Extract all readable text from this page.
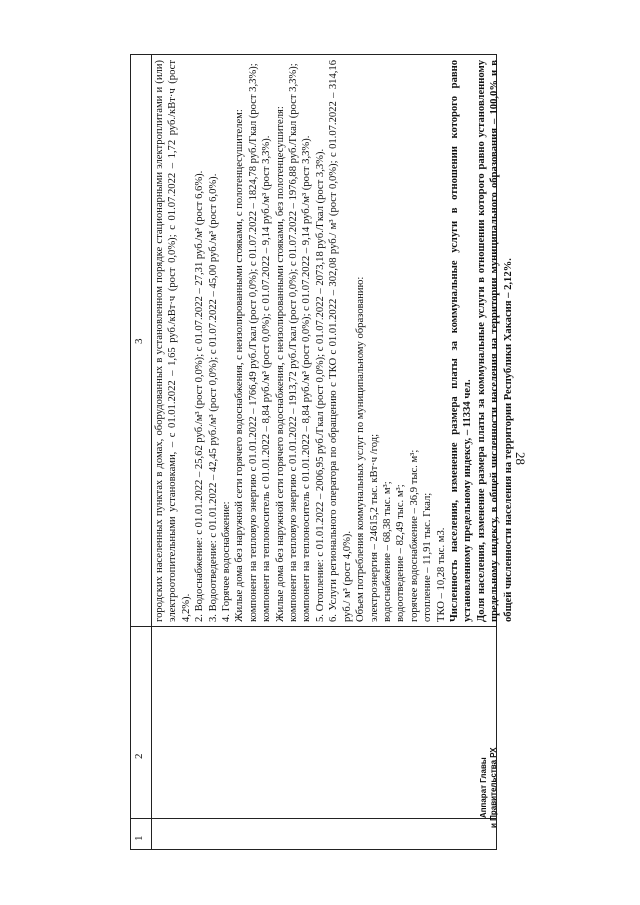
28
1
2
3 городских населенных пунктах в домах, оборудованных в установленном порядке стационарными электроплитами и (или) электроотопительными установками, – с 01.01.2022 – 1,65 руб./кВт·ч (рост 0,0%); с 01.07.2022 – 1,72 руб./кВт·ч (рост 4,2%). 2. Водоснабжение: с 01.01.2022 – 25,62 руб./м³ (рост 0,0%); с 01.07.2022 – 27,31 руб./м³ (рост 6,6%). 3. Водоотведение: с 01.01.2022 – 42,45 руб./м³ (рост 0,0%); с 01.07.2022 – 45,00 руб./м³ (рост 6,0%). 4. Горячее водоснабжение: Жилые дома без наружной сети горячего водоснабжения, с неизолированными стояками, с полотенцесушителем: компонент на тепловую энергию с 01.01.2022 – 1766,49 руб./Гкал (рост 0,0%); с 01.07.2022 – 1824,78 руб./Гкал (рост 3,3%); компонент на теплоноситель с 01.01.2022 – 8,84 руб./м³ (рост 0,0%); с 01.07.2022 – 9,14 руб./м³ (рост 3,3%). Жилые дома без наружной сети горячего водоснабжения, с неизолированными стояками, без полотенцесушителя: компонент на тепловую энергию с 01.01.2022 – 1913,72 руб./Гкал (рост 0,0%); с 01.07.2022 – 1976,88 руб./Гкал (рост 3,3%); компонент на теплоноситель с 01.01.2022 – 8,84 руб./м³ (рост 0,0%); с 01.07.2022 – 9,14 руб./м³ (рост 3,3%). 5. Отопление: с 01.01.2022 – 2006,95 руб./Гкал (рост 0,0%); с 01.07.2022 – 2073,18 руб./Гкал (рост 3,3%). 6. Услуги регионального оператора по обращению с ТКО с 01.01.2022 – 302,08 руб./ м³ (рост 0,0%); с 01.07.2022 – 314,16 руб./ м³ (рост 4,0%). Объем потребления коммунальных услуг по муниципальному образованию: электроэнергия – 24615,2 тыс. кВт·ч /год; водоснабжение – 68,38 тыс. м³; водоотведение – 82,49 тыс. м³; горячее водоснабжение – 36,9 тыс. м³; отопление – 11,91 тыс. Гкал; ТКО – 10,28 тыс. м3. Численность населения, изменение размера платы за коммунальные услуги в отношении которого равно установленному предельному индексу, – 11334 чел. Доля населения, изменение размера платы за коммунальные услуги в отношении которого равно установленному предельному индексу, в общей численности населения на территории муниципального образования – 100,0% и в общей численности населения на территории Республики Хакасия – 2,12%.
Аппарат Главы и Правительства РХ
